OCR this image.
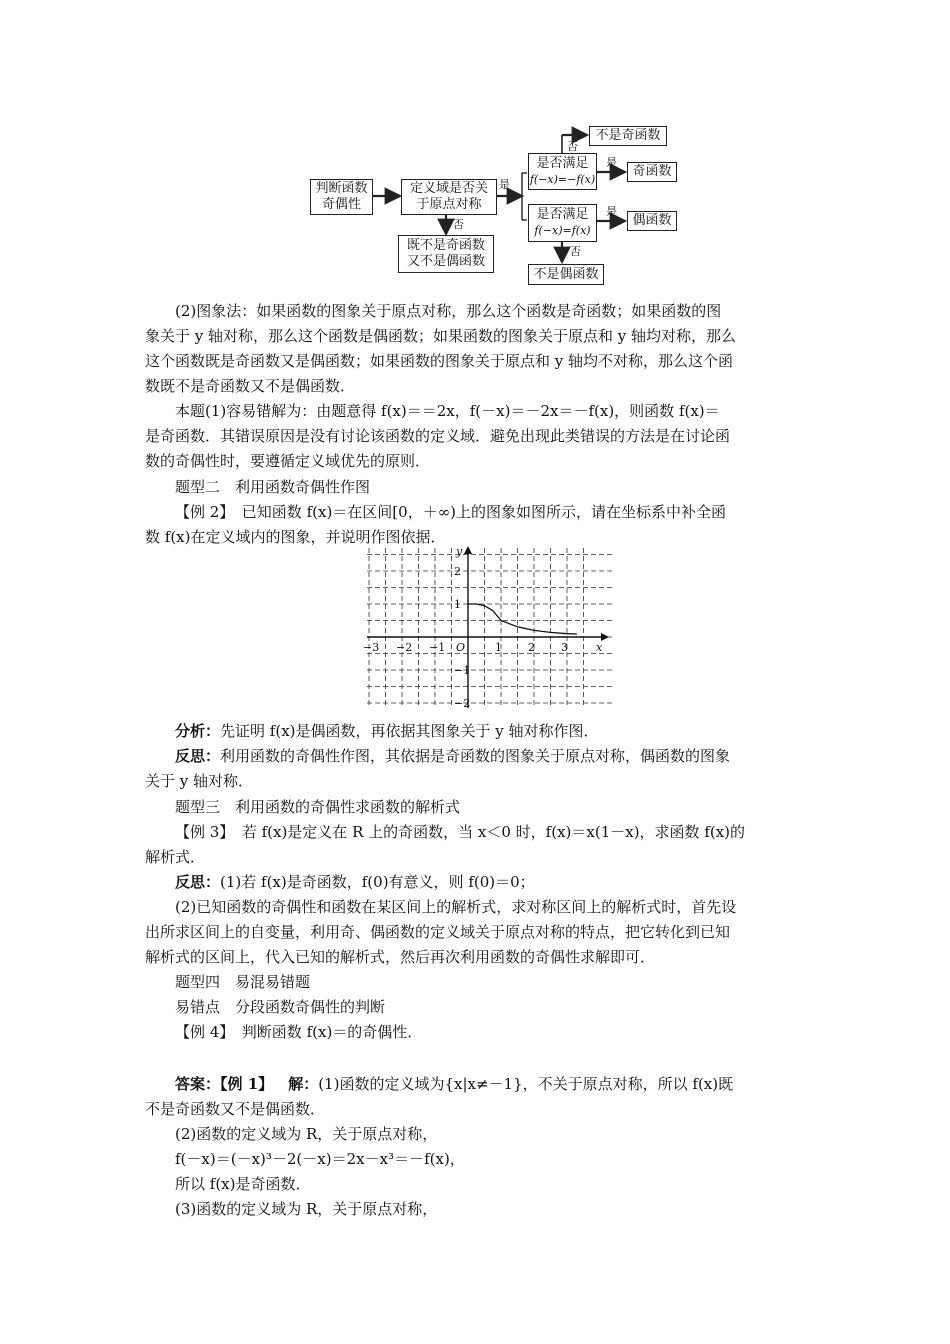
判断函数奇偶性
定义域是否关于原点对称
是
否
既不是奇函数又不是偶函数
是否满足
f(−x)=−f(x)
否
不是奇函数
是
奇函数
是否满足
f(−x)=f(x)
是
偶函数
否
不是偶函数
(2)图象法：如果函数的图象关于原点对称，那么这个函数是奇函数；如果函数的图
象关于 y 轴对称，那么这个函数是偶函数；如果函数的图象关于原点和 y 轴均对称，那么
这个函数既是奇函数又是偶函数；如果函数的图象关于原点和 y 轴均不对称，那么这个函
数既不是奇函数又不是偶函数．
本题(1)容易错解为：由题意得 f(x)＝＝2x，f(－x)＝－2x＝－f(x)，则函数 f(x)＝
是奇函数．其错误原因是没有讨论该函数的定义域．避免出现此类错误的方法是在讨论函
数的奇偶性时，要遵循定义域优先的原则．
题型二　利用函数奇偶性作图
【例 2】　已知函数 f(x)＝在区间[0，＋∞)上的图象如图所示，请在坐标系中补全函
数 f(x)在定义域内的图象，并说明作图依据．
−3 −2 −1	1 2 3
2
1
−1
−2
O	x
y
分析：先证明 f(x)是偶函数，再依据其图象关于 y 轴对称作图．
反思：利用函数的奇偶性作图，其依据是奇函数的图象关于原点对称，偶函数的图象
关于 y 轴对称．
题型三　利用函数的奇偶性求函数的解析式
【例 3】　若 f(x)是定义在 R 上的奇函数，当 x＜0 时，f(x)＝x(1－x)，求函数 f(x)的
解析式．
反思：(1)若 f(x)是奇函数，f(0)有意义，则 f(0)＝0；
(2)已知函数的奇偶性和函数在某区间上的解析式，求对称区间上的解析式时，首先设
出所求区间上的自变量，利用奇、偶函数的定义域关于原点对称的特点，把它转化到已知
解析式的区间上，代入已知的解析式，然后再次利用函数的奇偶性求解即可．
题型四　易混易错题
易错点　分段函数奇偶性的判断
【例 4】　判断函数 f(x)＝的奇偶性．
答案：【例 1】  解：(1)函数的定义域为{x|x≠－1}，不关于原点对称，所以 f(x)既
不是奇函数又不是偶函数．
(2)函数的定义域为 R，关于原点对称，
f(－x)＝(－x)³－2(－x)＝2x－x³＝－f(x)，
所以 f(x)是奇函数．
(3)函数的定义域为 R，关于原点对称，
